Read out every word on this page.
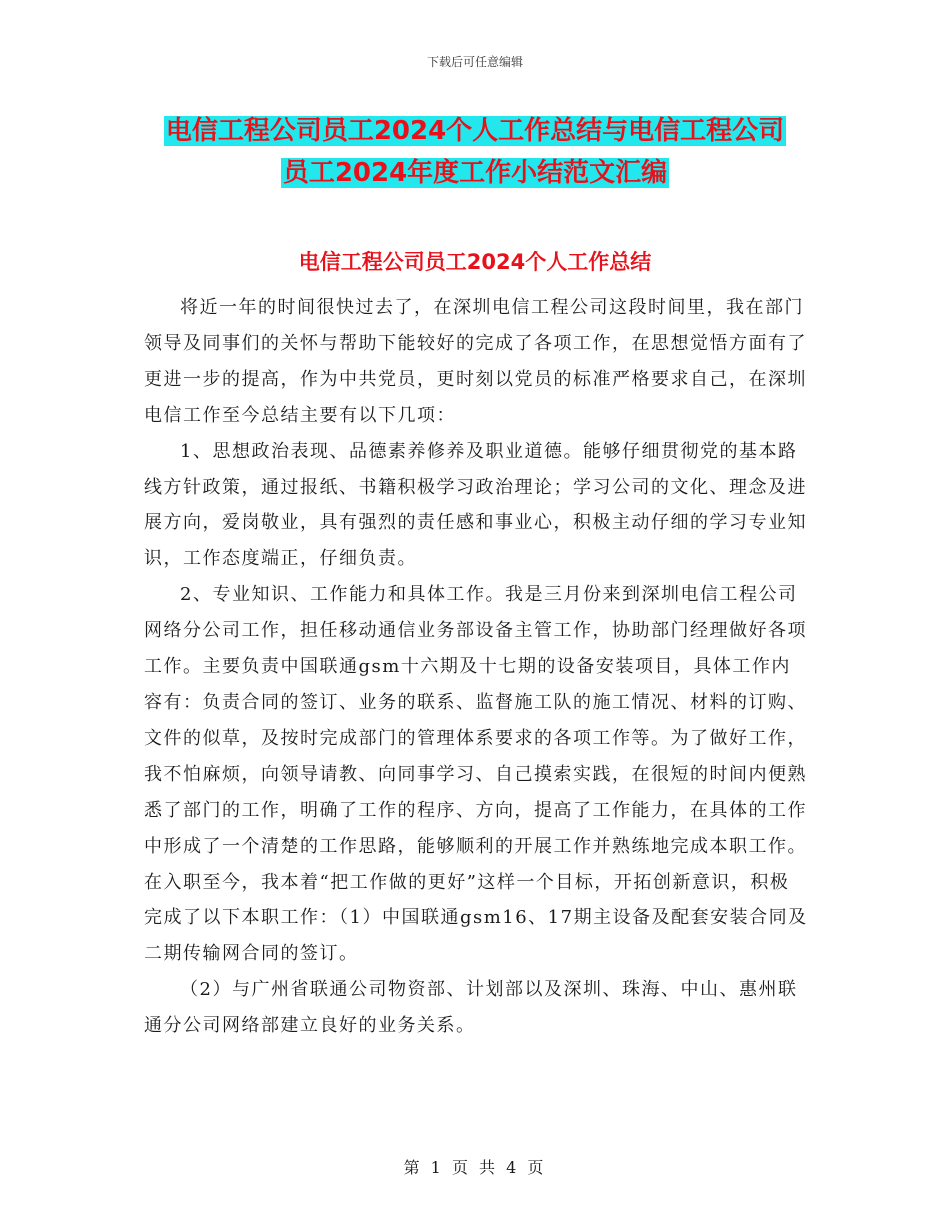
下载后可任意编辑
电信工程公司员工2024个人工作总结与电信工程公司
员工2024年度工作小结范文汇编
电信工程公司员工2024个人工作总结

将近一年的时间很快过去了，在深圳电信工程公司这段时间里，我在部门领导及同事们的关怀与帮助下能较好的完成了各项工作，在思想觉悟方面有了更进一步的提高，作为中共党员，更时刻以党员的标准严格要求自己，在深圳电信工作至今总结主要有以下几项：

1、思想政治表现、品德素养修养及职业道德。能够仔细贯彻党的基本路线方针政策，通过报纸、书籍积极学习政治理论；学习公司的文化、理念及进展方向，爱岗敬业，具有强烈的责任感和事业心，积极主动仔细的学习专业知识，工作态度端正，仔细负责。

2、专业知识、工作能力和具体工作。我是三月份来到深圳电信工程公司网络分公司工作，担任移动通信业务部设备主管工作，协助部门经理做好各项工作。主要负责中国联通gsm十六期及十七期的设备安装项目，具体工作内容有：负责合同的签订、业务的联系、监督施工队的施工情况、材料的订购、文件的似草，及按时完成部门的管理体系要求的各项工作等。为了做好工作，我不怕麻烦，向领导请教、向同事学习、自己摸索实践，在很短的时间内便熟悉了部门的工作，明确了工作的程序、方向，提高了工作能力，在具体的工作中形成了一个清楚的工作思路，能够顺利的开展工作并熟练地完成本职工作。在入职至今，我本着“把工作做的更好”这样一个目标，开拓创新意识，积极完成了以下本职工作：（1）中国联通gsm16、17期主设备及配套安装合同及二期传输网合同的签订。

（2）与广州省联通公司物资部、计划部以及深圳、珠海、中山、惠州联通分公司网络部建立良好的业务关系。

第 1 页 共 4 页
